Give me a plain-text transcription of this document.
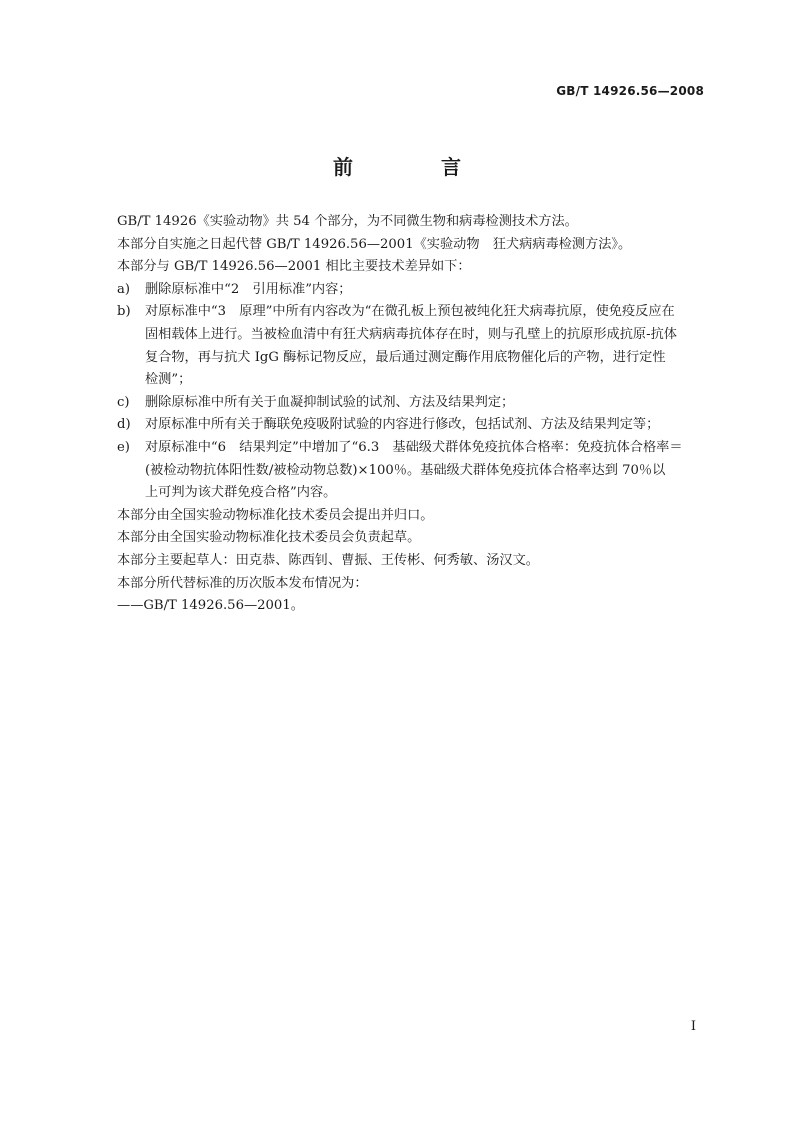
GB/T 14926.56—2008
前　言

GB/T 14926《实验动物》共 54 个部分，为不同微生物和病毒检测技术方法。

本部分自实施之日起代替 GB/T 14926.56—2001《实验动物　狂犬病病毒检测方法》。

本部分与 GB/T 14926.56—2001 相比主要技术差异如下：

a) 删除原标准中“2　引用标准”内容；
b) 对原标准中“3　原理”中所有内容改为“在微孔板上预包被纯化狂犬病毒抗原，使免疫反应在
固相载体上进行。当被检血清中有狂犬病病毒抗体存在时，则与孔壁上的抗原形成抗原-抗体
复合物，再与抗犬 IgG 酶标记物反应，最后通过测定酶作用底物催化后的产物，进行定性
检测”；
c) 删除原标准中所有关于血凝抑制试验的试剂、方法及结果判定；
d) 对原标准中所有关于酶联免疫吸附试验的内容进行修改，包括试剂、方法及结果判定等；
e) 对原标准中“6　结果判定”中增加了“6.3　基础级犬群体免疫抗体合格率：免疫抗体合格率＝
(被检动物抗体阳性数/被检动物总数)×100％。基础级犬群体免疫抗体合格率达到 70％以
上可判为该犬群免疫合格”内容。

本部分由全国实验动物标准化技术委员会提出并归口。

本部分由全国实验动物标准化技术委员会负责起草。

本部分主要起草人：田克恭、陈西钊、曹振、王传彬、何秀敏、汤汉文。

本部分所代替标准的历次版本发布情况为：

——GB/T 14926.56—2001。

I
